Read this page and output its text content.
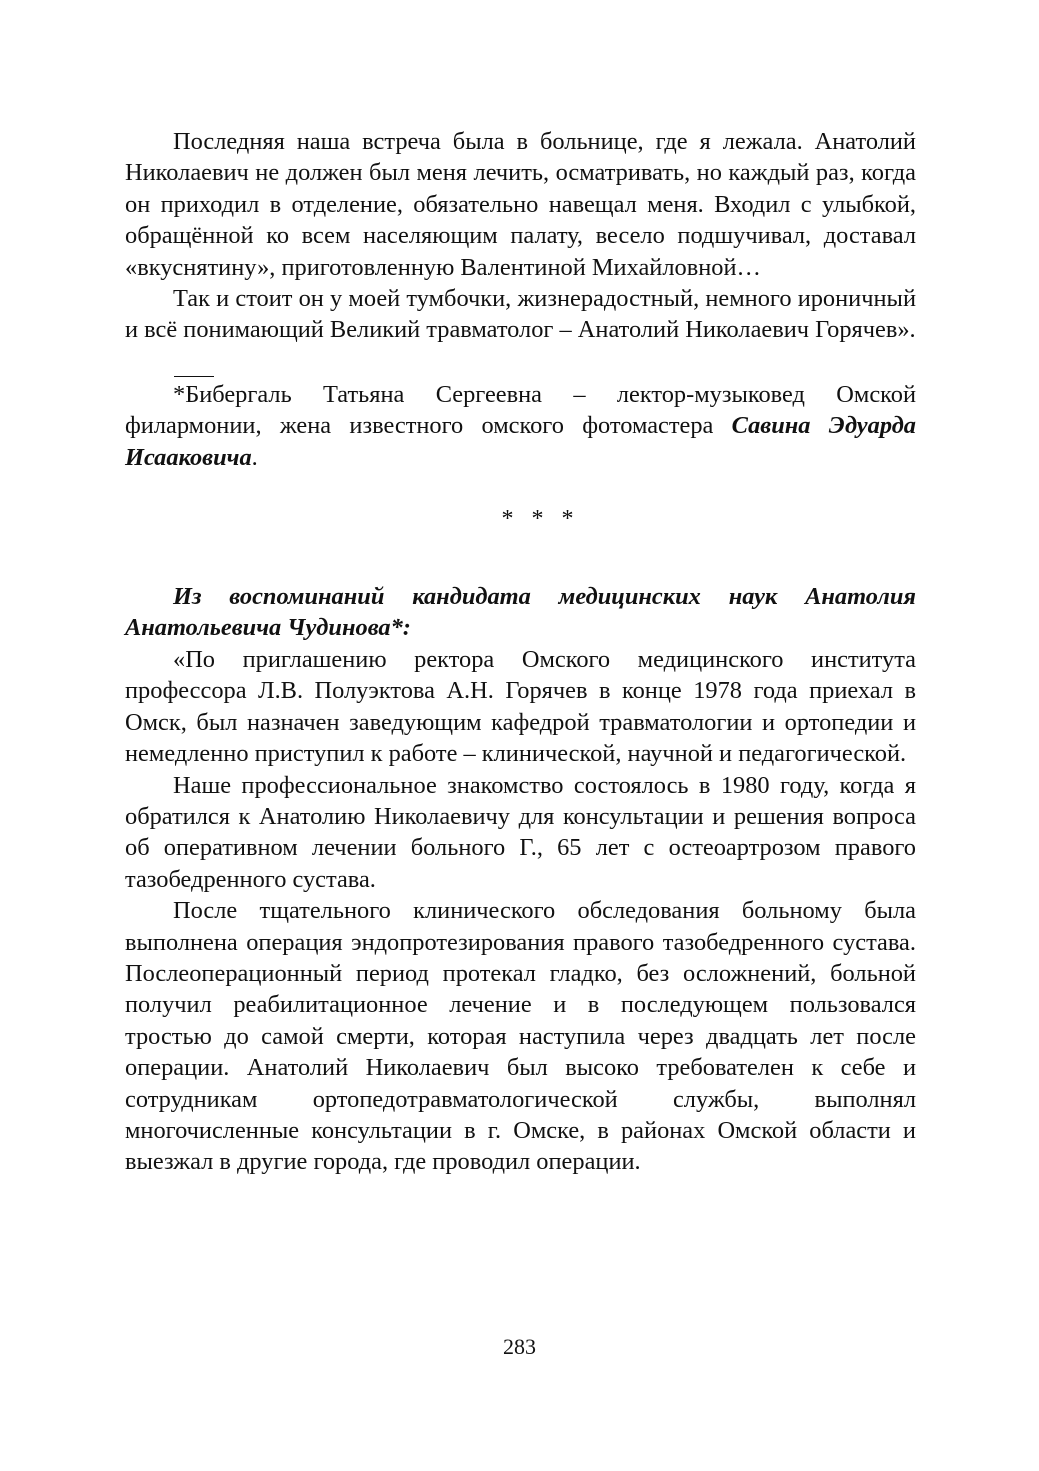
Последняя наша встреча была в больнице, где я лежала. Анатолий Николаевич не должен был меня лечить, осматривать, но каждый раз, когда он приходил в отделение, обязательно навещал меня. Входил с улыбкой, обращённой ко всем населяющим палату, весело подшучивал, доставал «вкуснятину», приготовленную Валентиной Михайловной…

Так и стоит он у моей тумбочки, жизнерадостный, немного ироничный и всё понимающий Великий травматолог – Анатолий Николаевич Горячев».

*Бибергаль Татьяна Сергеевна – лектор-музыковед Омской филармонии, жена известного омского фотомастера Савина Эдуарда Исааковича.

* * *

Из воспоминаний кандидата медицинских наук Анатолия Анатольевича Чудинова*:

«По приглашению ректора Омского медицинского института профессора Л.В. Полуэктова А.Н. Горячев в конце 1978 года приехал в Омск, был назначен заведующим кафедрой травматологии и ортопедии и немедленно приступил к работе – клинической, научной и педагогической.

Наше профессиональное знакомство состоялось в 1980 году, когда я обратился к Анатолию Николаевичу для консультации и решения вопроса об оперативном лечении больного Г., 65 лет с остеоартрозом правого тазобедренного сустава.

После тщательного клинического обследования больному была выполнена операция эндопротезирования правого тазобедренного сустава. Послеоперационный период протекал гладко, без осложнений, больной получил реабилитационное лечение и в последующем пользовался тростью до самой смерти, которая наступила через двадцать лет после операции. Анатолий Николаевич был высоко требователен к себе и сотрудникам ортопедотравматологической службы, выполнял многочисленные консультации в г. Омске, в районах Омской области и выезжал в другие города, где проводил операции.

283
